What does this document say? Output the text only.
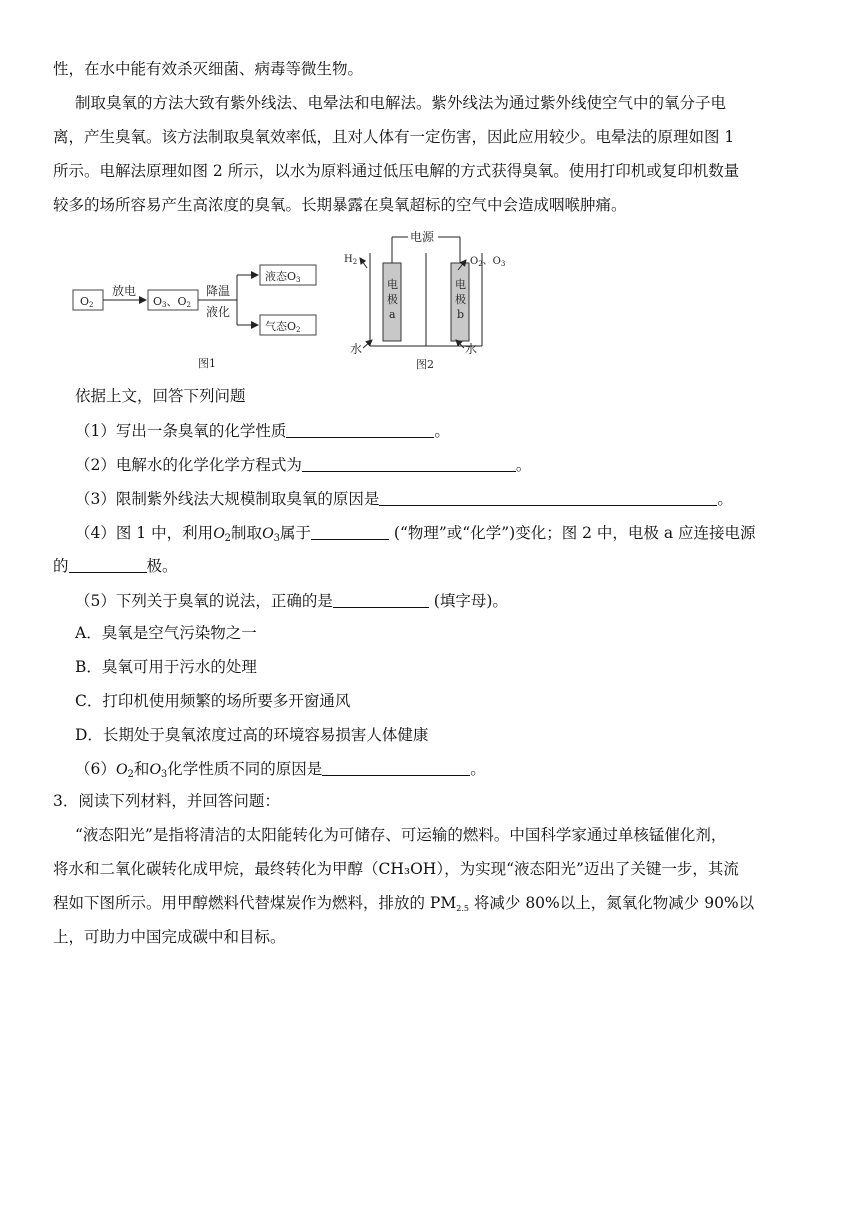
性，在水中能有效杀灭细菌、病毒等微生物。
制取臭氧的方法大致有紫外线法、电晕法和电解法。紫外线法为通过紫外线使空气中的氧分子电
离，产生臭氧。该方法制取臭氧效率低，且对人体有一定伤害，因此应用较少。电晕法的原理如图 1
所示。电解法原理如图 2 所示，以水为原料通过低压电解的方式获得臭氧。使用打印机或复印机数量
较多的场所容易产生高浓度的臭氧。长期暴露在臭氧超标的空气中会造成咽喉肿痛。
O2
放电
O3、O2
降温
液化
液态O3
气态O2
图1
电源
电
极
a
电
极
b
$H_2$	$O_2$、$O_3$
水	水
图2
依据上文，回答下列问题
（1）写出一条臭氧的化学性质	。
（2）电解水的化学化学方程式为	。
（3）限制紫外线法大规模制取臭氧的原因是	。
（4）图 1 中，利用$O_2$制取$O_3$属于	(“物理”或“化学”)变化；图 2 中，电极 a 应连接电源
的	极。
（5）下列关于臭氧的说法，正确的是	(填字母)。
A．臭氧是空气污染物之一
B．臭氧可用于污水的处理
C．打印机使用频繁的场所要多开窗通风
D．长期处于臭氧浓度过高的环境容易损害人体健康
$(6)O_2$和$O_3$化学性质不同的原因是	。
3．阅读下列材料，并回答问题：
“液态阳光”是指将清洁的太阳能转化为可储存、可运输的燃料。中国科学家通过单核锰催化剂，
将水和二氧化碳转化成甲烷，最终转化为甲醇（CH₃OH），为实现“液态阳光”迈出了关键一步，其流
程如下图所示。用甲醇燃料代替煤炭作为燃料，排放的 $PM_{2.5}$ 将减少 80%以上，氮氧化物减少 90%以
上，可助力中国完成碳中和目标。
